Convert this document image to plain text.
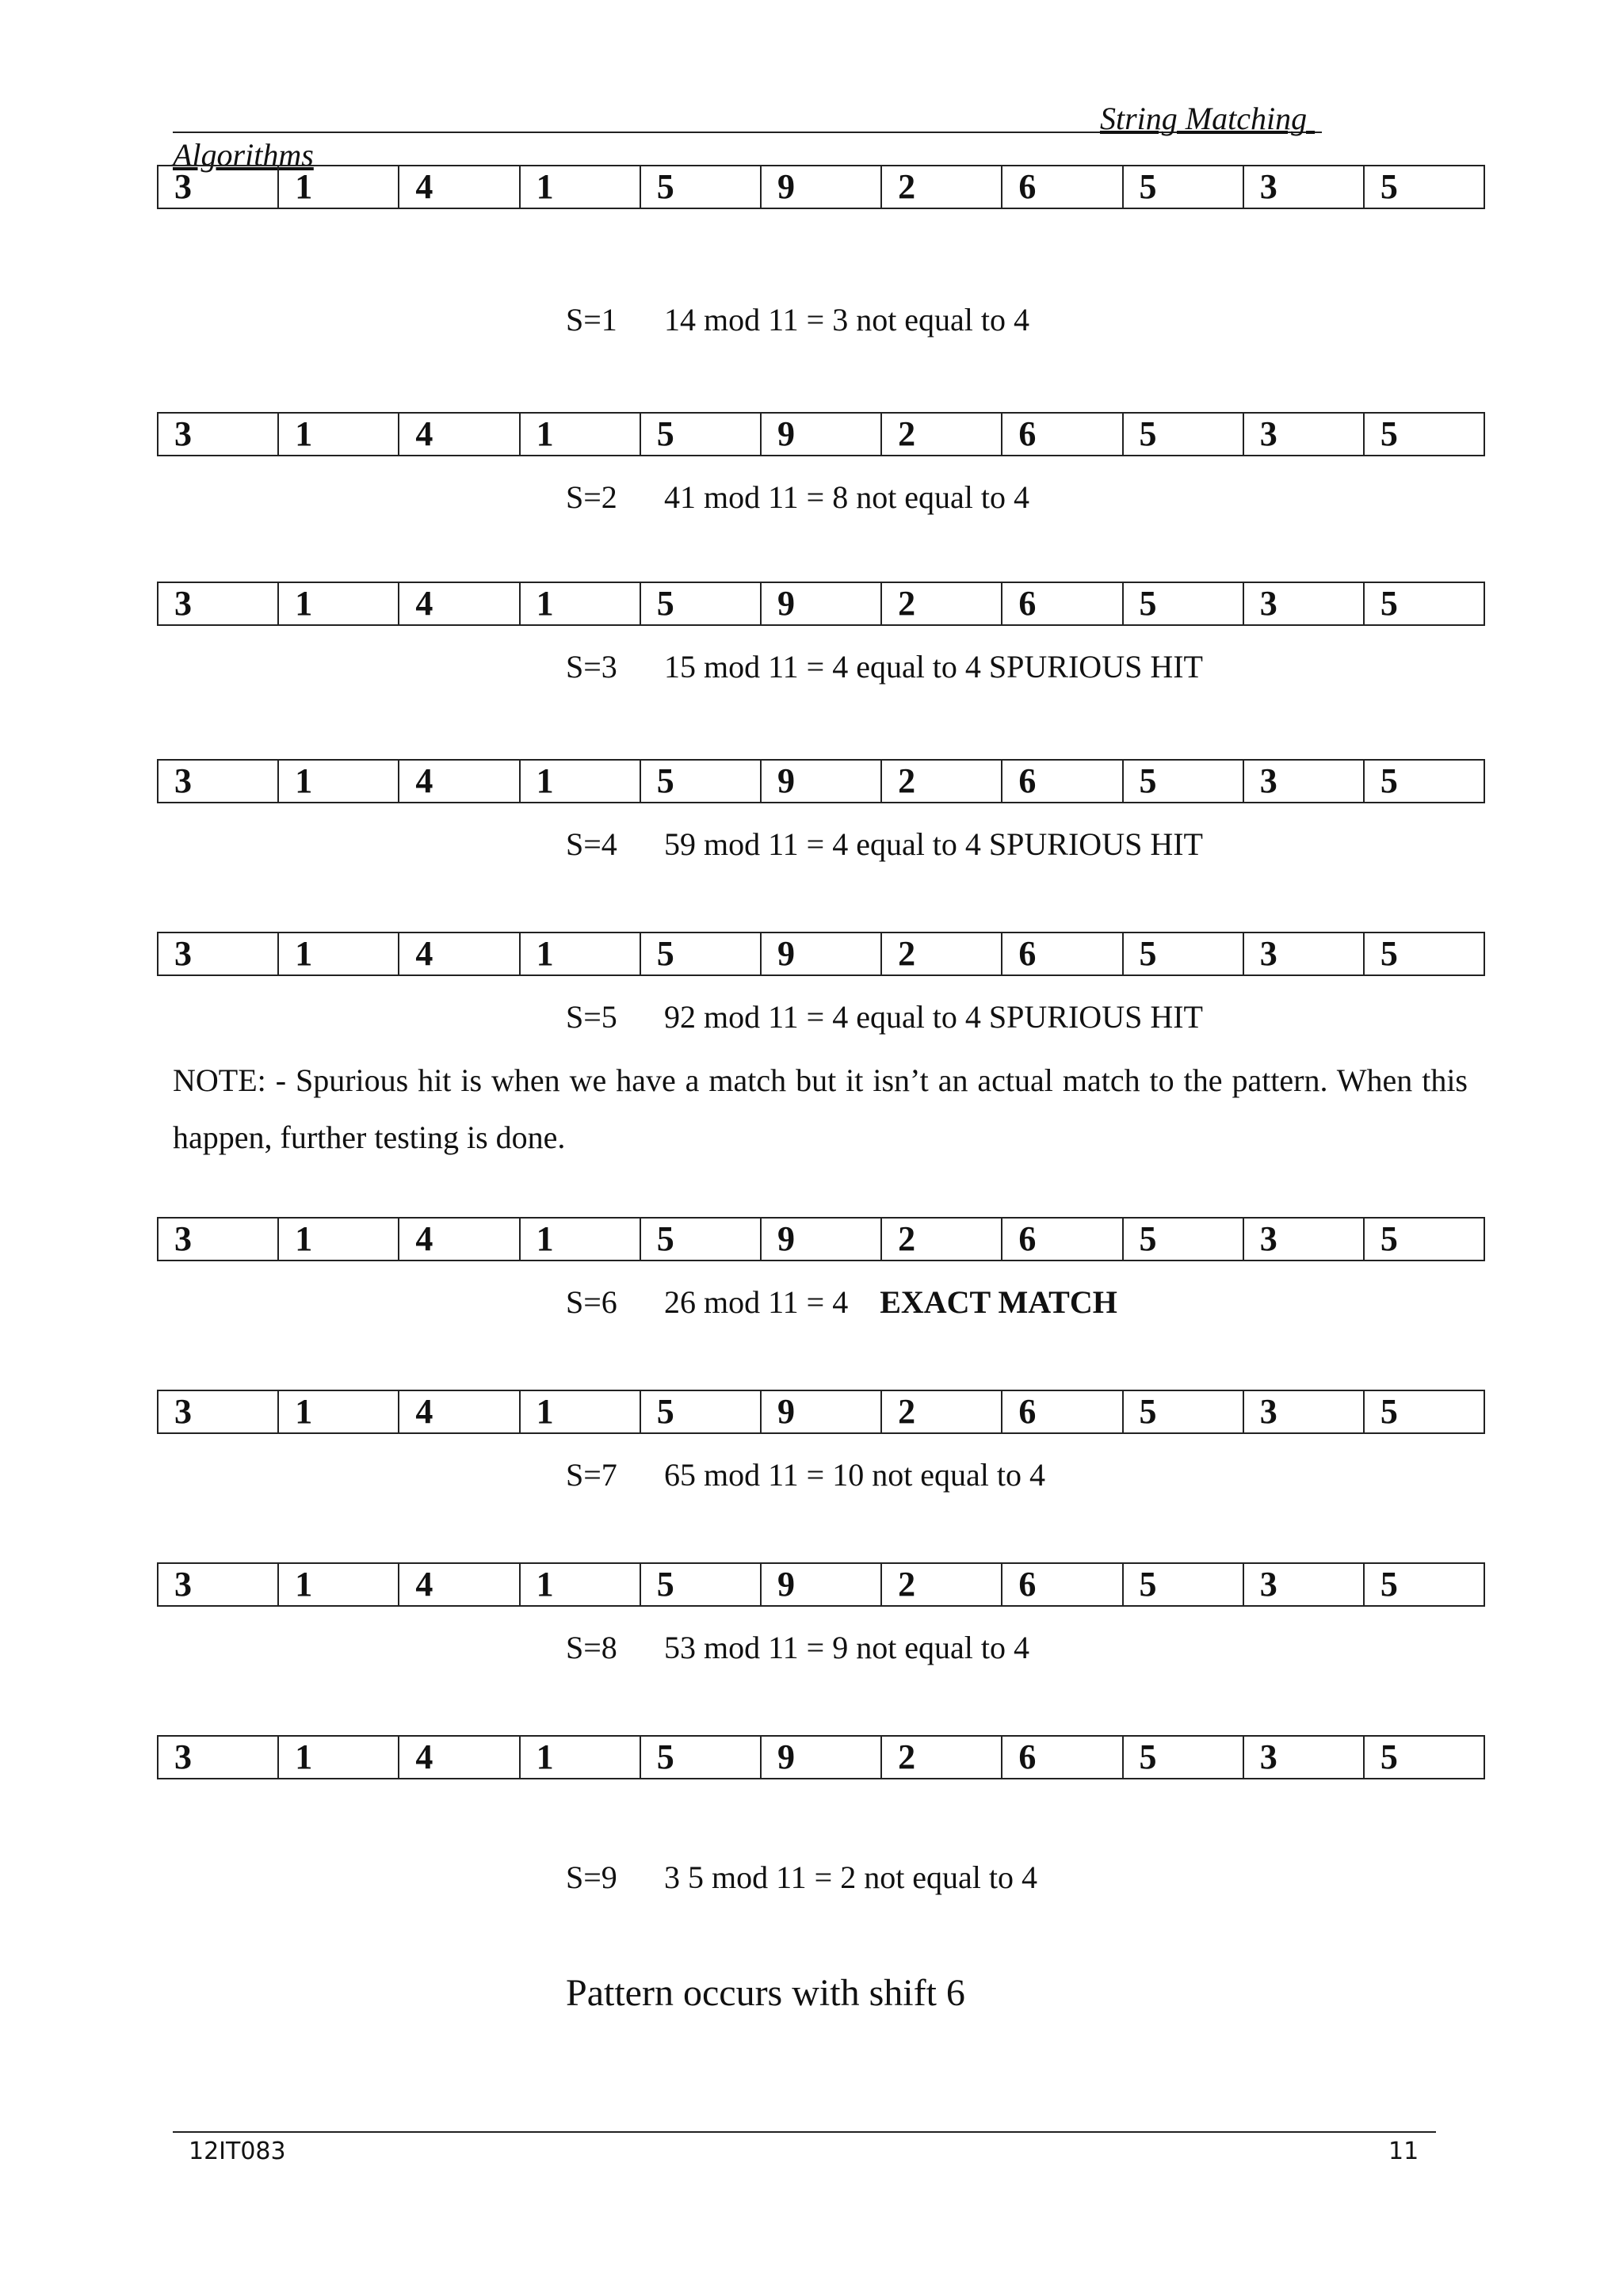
String Matching
Algorithms
3	1	4	1	5	9	2	6	5	3	5
S=1 14 mod 11 = 3 not equal to 4
3	1	4	1	5	9	2	6	5	3	5
S=2 41 mod 11 = 8 not equal to 4
3	1	4	1	5	9	2	6	5	3	5
S=3 15 mod 11 = 4 equal to 4 SPURIOUS HIT
3	1	4	1	5	9	2	6	5	3	5
S=4 59 mod 11 = 4 equal to 4 SPURIOUS HIT
3	1	4	1	5	9	2	6	5	3	5
S=5 92 mod 11 = 4 equal to 4 SPURIOUS HIT
NOTE: - Spurious hit is when we have a match but it isn’t an actual match to the pattern. When this happen, further testing is done.
3	1	4	1	5	9	2	6	5	3	5
S=6 26 mod 11 = 4 EXACT MATCH
3	1	4	1	5	9	2	6	5	3	5
S=7 65 mod 11 = 10 not equal to 4
3	1	4	1	5	9	2	6	5	3	5
S=8 53 mod 11 = 9 not equal to 4
3	1	4	1	5	9	2	6	5	3	5
S=9 3 5 mod 11 = 2 not equal to 4
Pattern occurs with shift 6
12IT083	11
